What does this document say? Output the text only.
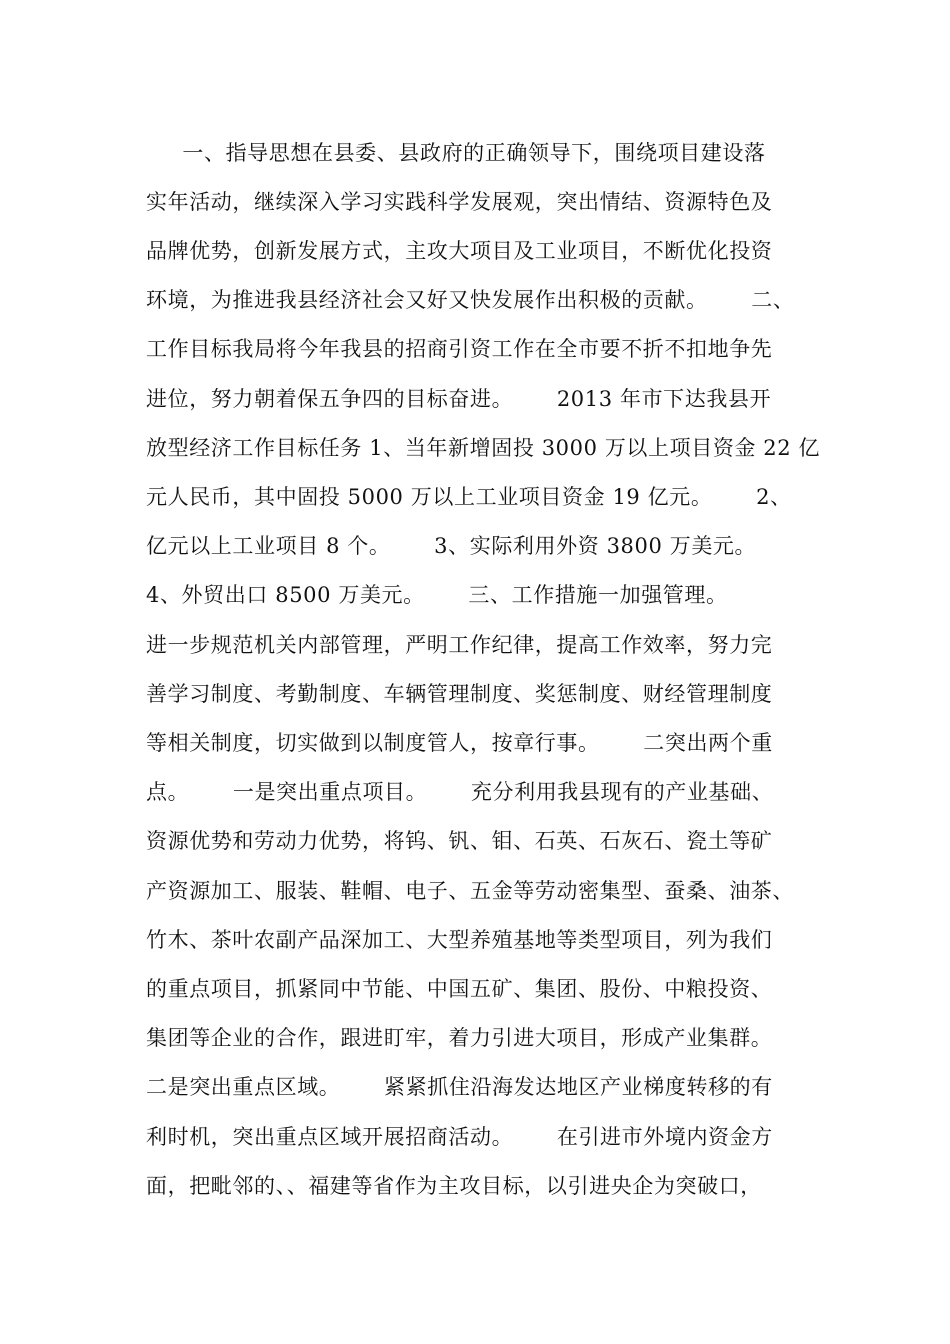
一、指导思想在县委、县政府的正确领导下，围绕项目建设落
实年活动，继续深入学习实践科学发展观，突出情结、资源特色及
品牌优势，创新发展方式，主攻大项目及工业项目，不断优化投资
环境，为推进我县经济社会又好又快发展作出积极的贡献。      二、
工作目标我局将今年我县的招商引资工作在全市要不折不扣地争先
进位，努力朝着保五争四的目标奋进。      2013 年市下达我县开
放型经济工作目标任务 1、当年新增固投 3000 万以上项目资金 22 亿
元人民币，其中固投 5000 万以上工业项目资金 19 亿元。      2、
亿元以上工业项目 8 个。      3、实际利用外资 3800 万美元。
4、外贸出口 8500 万美元。      三、工作措施一加强管理。
进一步规范机关内部管理，严明工作纪律，提高工作效率，努力完
善学习制度、考勤制度、车辆管理制度、奖惩制度、财经管理制度
等相关制度，切实做到以制度管人，按章行事。      二突出两个重
点。      一是突出重点项目。      充分利用我县现有的产业基础、
资源优势和劳动力优势，将钨、钒、钼、石英、石灰石、瓷土等矿
产资源加工、服装、鞋帽、电子、五金等劳动密集型、蚕桑、油茶、
竹木、茶叶农副产品深加工、大型养殖基地等类型项目，列为我们
的重点项目，抓紧同中节能、中国五矿、集团、股份、中粮投资、
集团等企业的合作，跟进盯牢，着力引进大项目，形成产业集群。
二是突出重点区域。      紧紧抓住沿海发达地区产业梯度转移的有
利时机，突出重点区域开展招商活动。      在引进市外境内资金方
面，把毗邻的、、福建等省作为主攻目标，以引进央企为突破口，
